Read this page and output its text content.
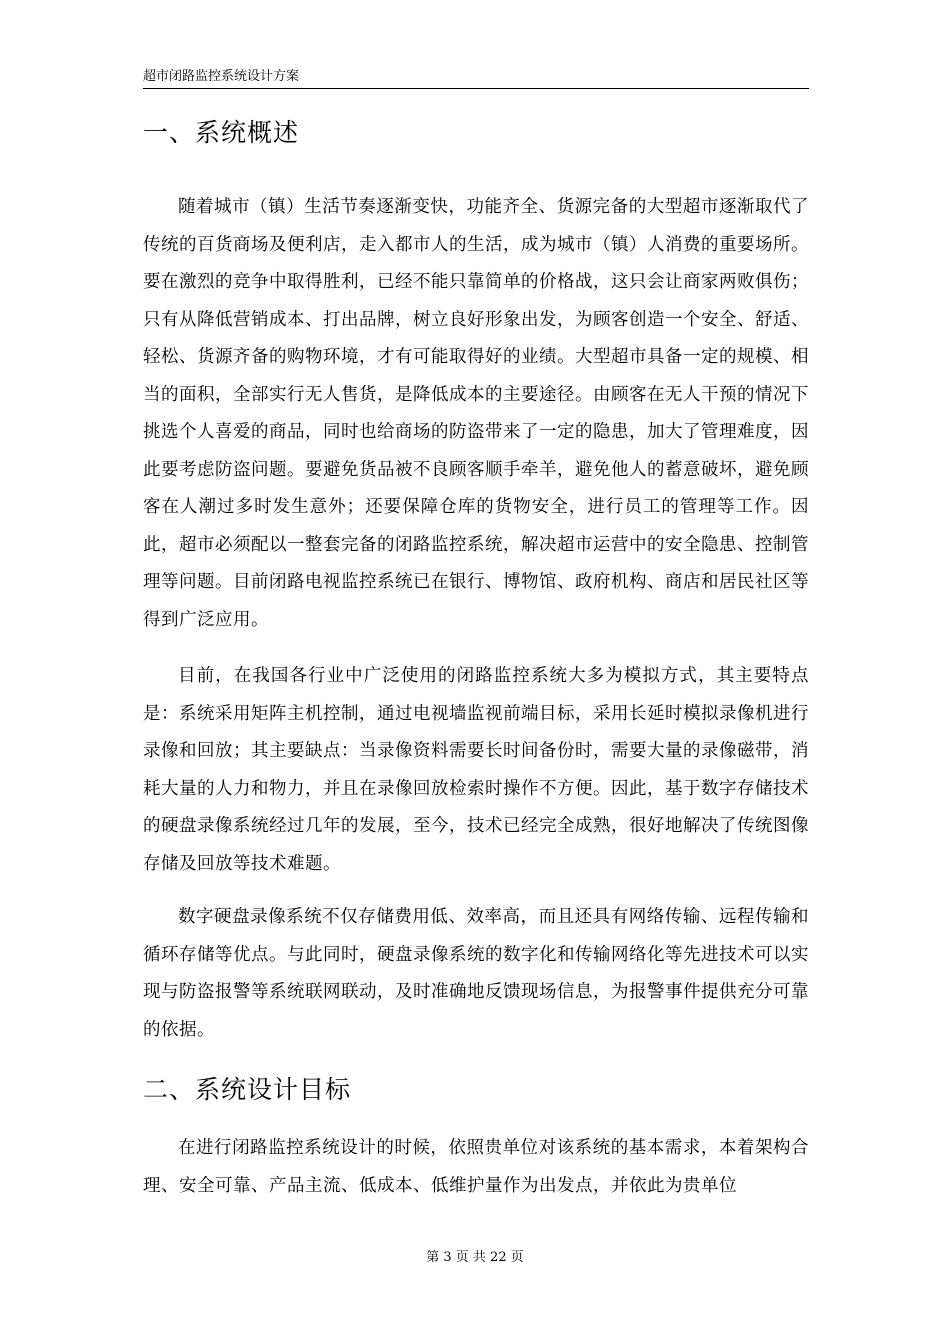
超市闭路监控系统设计方案
一、系统概述

随着城市（镇）生活节奏逐渐变快，功能齐全、货源完备的大型超市逐渐取代了传统的百货商场及便利店，走入都市人的生活，成为城市（镇）人消费的重要场所。要在激烈的竞争中取得胜利，已经不能只靠简单的价格战，这只会让商家两败俱伤；只有从降低营销成本、打出品牌，树立良好形象出发，为顾客创造一个安全、舒适、轻松、货源齐备的购物环境，才有可能取得好的业绩。大型超市具备一定的规模、相当的面积，全部实行无人售货，是降低成本的主要途径。由顾客在无人干预的情况下挑选个人喜爱的商品，同时也给商场的防盗带来了一定的隐患，加大了管理难度，因此要考虑防盗问题。要避免货品被不良顾客顺手牵羊，避免他人的蓄意破坏，避免顾客在人潮过多时发生意外；还要保障仓库的货物安全，进行员工的管理等工作。因此，超市必须配以一整套完备的闭路监控系统，解决超市运营中的安全隐患、控制管理等问题。目前闭路电视监控系统已在银行、博物馆、政府机构、商店和居民社区等得到广泛应用。

目前，在我国各行业中广泛使用的闭路监控系统大多为模拟方式，其主要特点是：系统采用矩阵主机控制，通过电视墙监视前端目标，采用长延时模拟录像机进行录像和回放；其主要缺点：当录像资料需要长时间备份时，需要大量的录像磁带，消耗大量的人力和物力，并且在录像回放检索时操作不方便。因此，基于数字存储技术的硬盘录像系统经过几年的发展，至今，技术已经完全成熟，很好地解决了传统图像存储及回放等技术难题。

数字硬盘录像系统不仅存储费用低、效率高，而且还具有网络传输、远程传输和循环存储等优点。与此同时，硬盘录像系统的数字化和传输网络化等先进技术可以实现与防盗报警等系统联网联动，及时准确地反馈现场信息，为报警事件提供充分可靠的依据。

二、系统设计目标

在进行闭路监控系统设计的时候，依照贵单位对该系统的基本需求，本着架构合理、安全可靠、产品主流、低成本、低维护量作为出发点，并依此为贵单位

第 3 页 共 22 页
